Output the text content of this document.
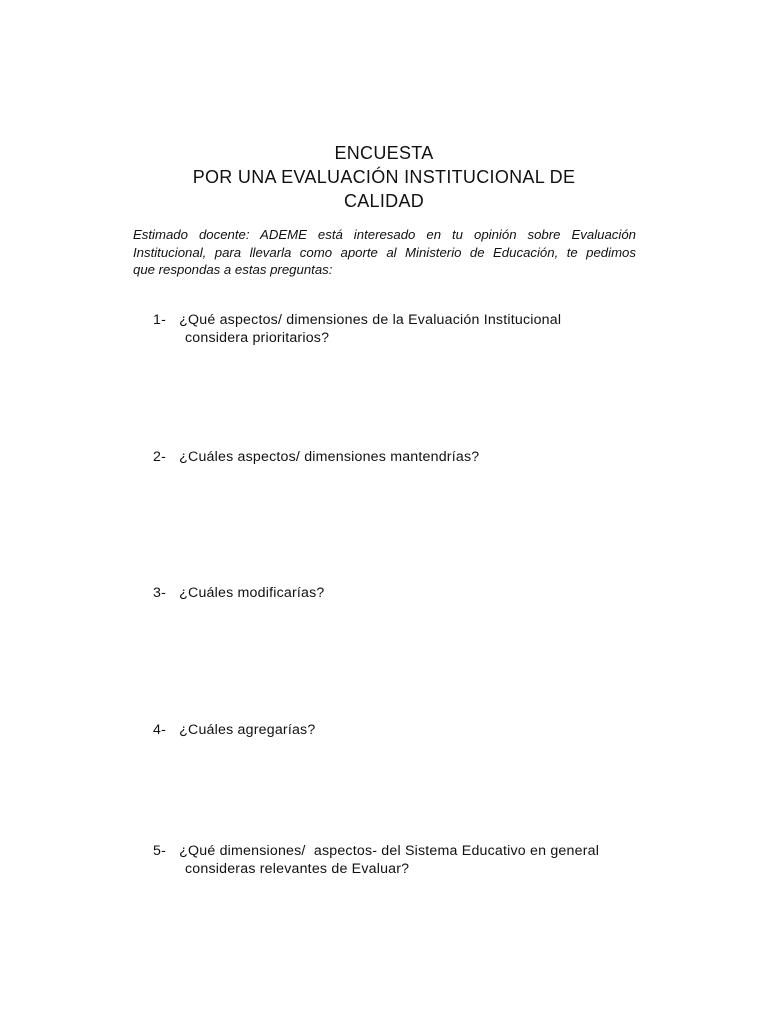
ENCUESTA
POR UNA EVALUACIÓN INSTITUCIONAL DE
CALIDAD
Estimado docente: ADEME está interesado en tu opinión sobre Evaluación
Institucional, para llevarla como aporte al Ministerio de Educación, te pedimos
que respondas a estas preguntas:
1- ¿Qué aspectos/ dimensiones de la Evaluación Institucional
considera prioritarios?
2- ¿Cuáles aspectos/ dimensiones mantendrías?
3- ¿Cuáles modificarías?
4- ¿Cuáles agregarías?
5- ¿Qué dimensiones/  aspectos- del Sistema Educativo en general
consideras relevantes de Evaluar?
